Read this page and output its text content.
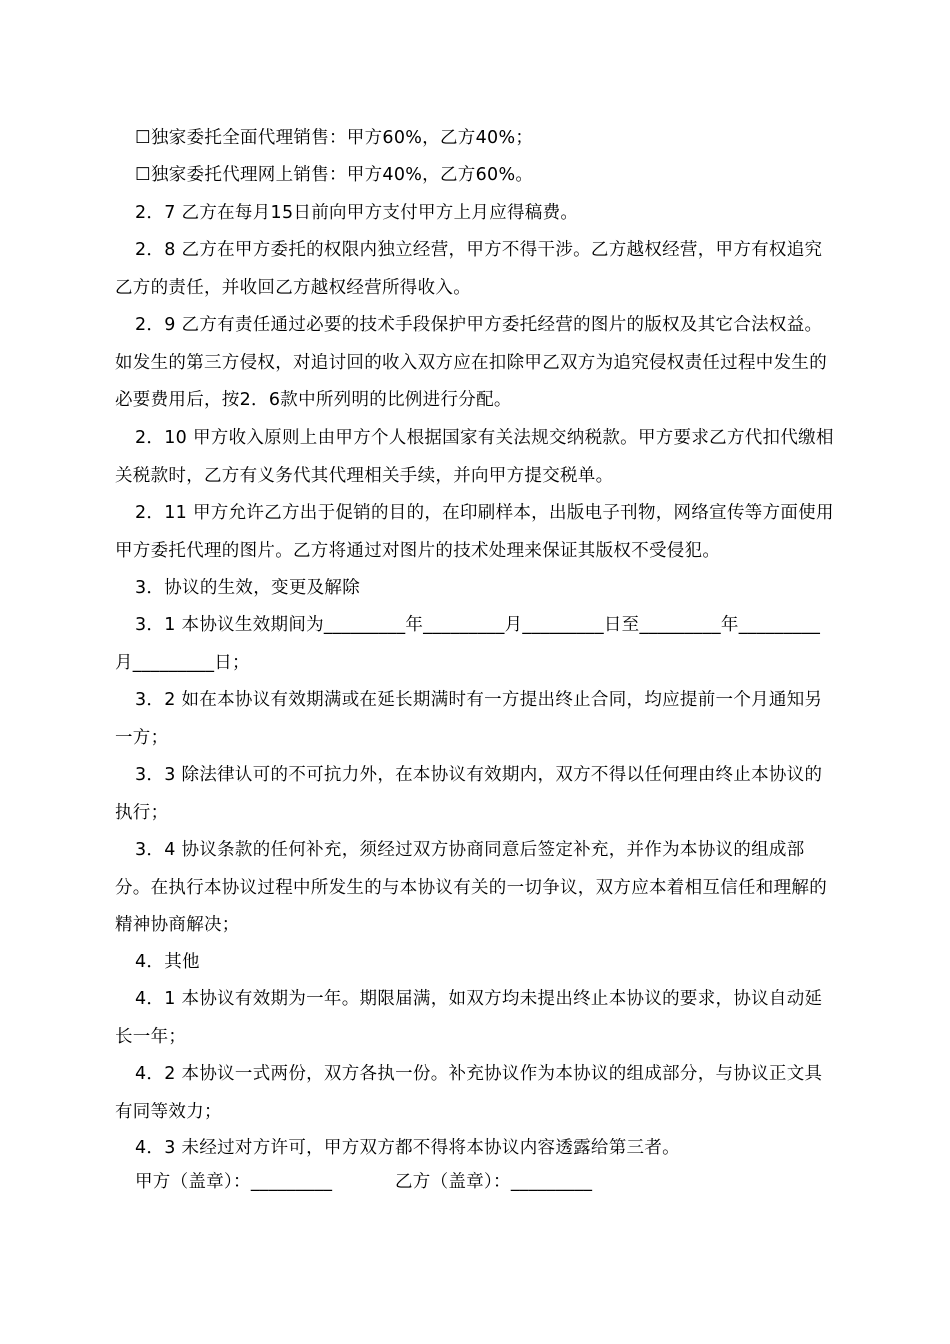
☐独家委托全面代理销售：甲方60%，乙方40%；
☐独家委托代理网上销售：甲方40%，乙方60%。
2．7 乙方在每月15日前向甲方支付甲方上月应得稿费。
2．8 乙方在甲方委托的权限内独立经营，甲方不得干涉。乙方越权经营，甲方有权追究乙方的责任，并收回乙方越权经营所得收入。
2．9 乙方有责任通过必要的技术手段保护甲方委托经营的图片的版权及其它合法权益。如发生的第三方侵权，对追讨回的收入双方应在扣除甲乙双方为追究侵权责任过程中发生的必要费用后，按2．6款中所列明的比例进行分配。
2．10 甲方收入原则上由甲方个人根据国家有关法规交纳税款。甲方要求乙方代扣代缴相关税款时，乙方有义务代其代理相关手续，并向甲方提交税单。
2．11 甲方允许乙方出于促销的目的，在印刷样本，出版电子刊物，网络宣传等方面使用甲方委托代理的图片。乙方将通过对图片的技术处理来保证其版权不受侵犯。
3．协议的生效，变更及解除
3．1 本协议生效期间为_________年_________月_________日至_________年_________月_________日；
3．2 如在本协议有效期满或在延长期满时有一方提出终止合同，均应提前一个月通知另一方；
3．3 除法律认可的不可抗力外，在本协议有效期内，双方不得以任何理由终止本协议的执行；
3．4 协议条款的任何补充，须经过双方协商同意后签定补充，并作为本协议的组成部分。在执行本协议过程中所发生的与本协议有关的一切争议，双方应本着相互信任和理解的精神协商解决；
4．其他
4．1 本协议有效期为一年。期限届满，如双方均未提出终止本协议的要求，协议自动延长一年；
4．2 本协议一式两份，双方各执一份。补充协议作为本协议的组成部分，与协议正文具有同等效力；
4．3 未经过对方许可，甲方双方都不得将本协议内容透露给第三者。
甲方（盖章）：_________	乙方（盖章）：_________
